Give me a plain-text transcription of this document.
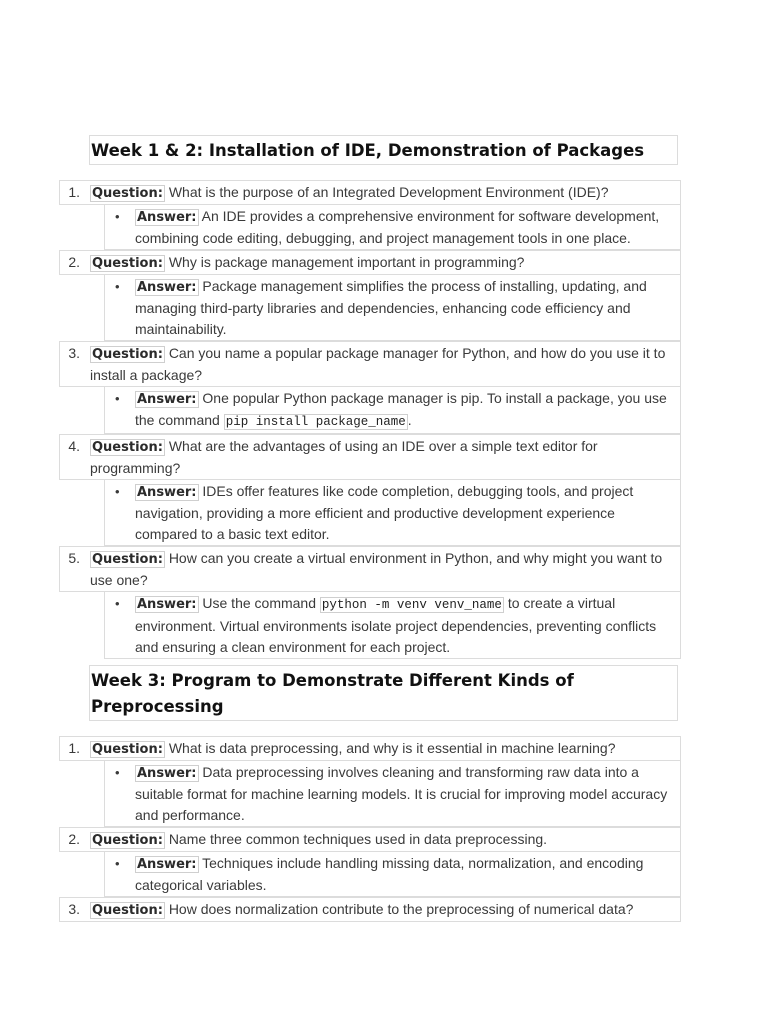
Week 1 & 2: Installation of IDE, Demonstration of Packages
1. Question: What is the purpose of an Integrated Development Environment (IDE)?
• Answer: An IDE provides a comprehensive environment for software development, combining code editing, debugging, and project management tools in one place.
2. Question: Why is package management important in programming?
• Answer: Package management simplifies the process of installing, updating, and managing third-party libraries and dependencies, enhancing code efficiency and maintainability.
3. Question: Can you name a popular package manager for Python, and how do you use it to install a package?
• Answer: One popular Python package manager is pip. To install a package, you use the command pip install package_name .
4. Question: What are the advantages of using an IDE over a simple text editor for programming?
• Answer: IDEs offer features like code completion, debugging tools, and project navigation, providing a more efficient and productive development experience compared to a basic text editor.
5. Question: How can you create a virtual environment in Python, and why might you want to use one?
• Answer: Use the command python -m venv venv_name to create a virtual environment. Virtual environments isolate project dependencies, preventing conflicts and ensuring a clean environment for each project.
Week 3: Program to Demonstrate Different Kinds of Preprocessing
1. Question: What is data preprocessing, and why is it essential in machine learning?
• Answer: Data preprocessing involves cleaning and transforming raw data into a suitable format for machine learning models. It is crucial for improving model accuracy and performance.
2. Question: Name three common techniques used in data preprocessing.
• Answer: Techniques include handling missing data, normalization, and encoding categorical variables.
3. Question: How does normalization contribute to the preprocessing of numerical data?
